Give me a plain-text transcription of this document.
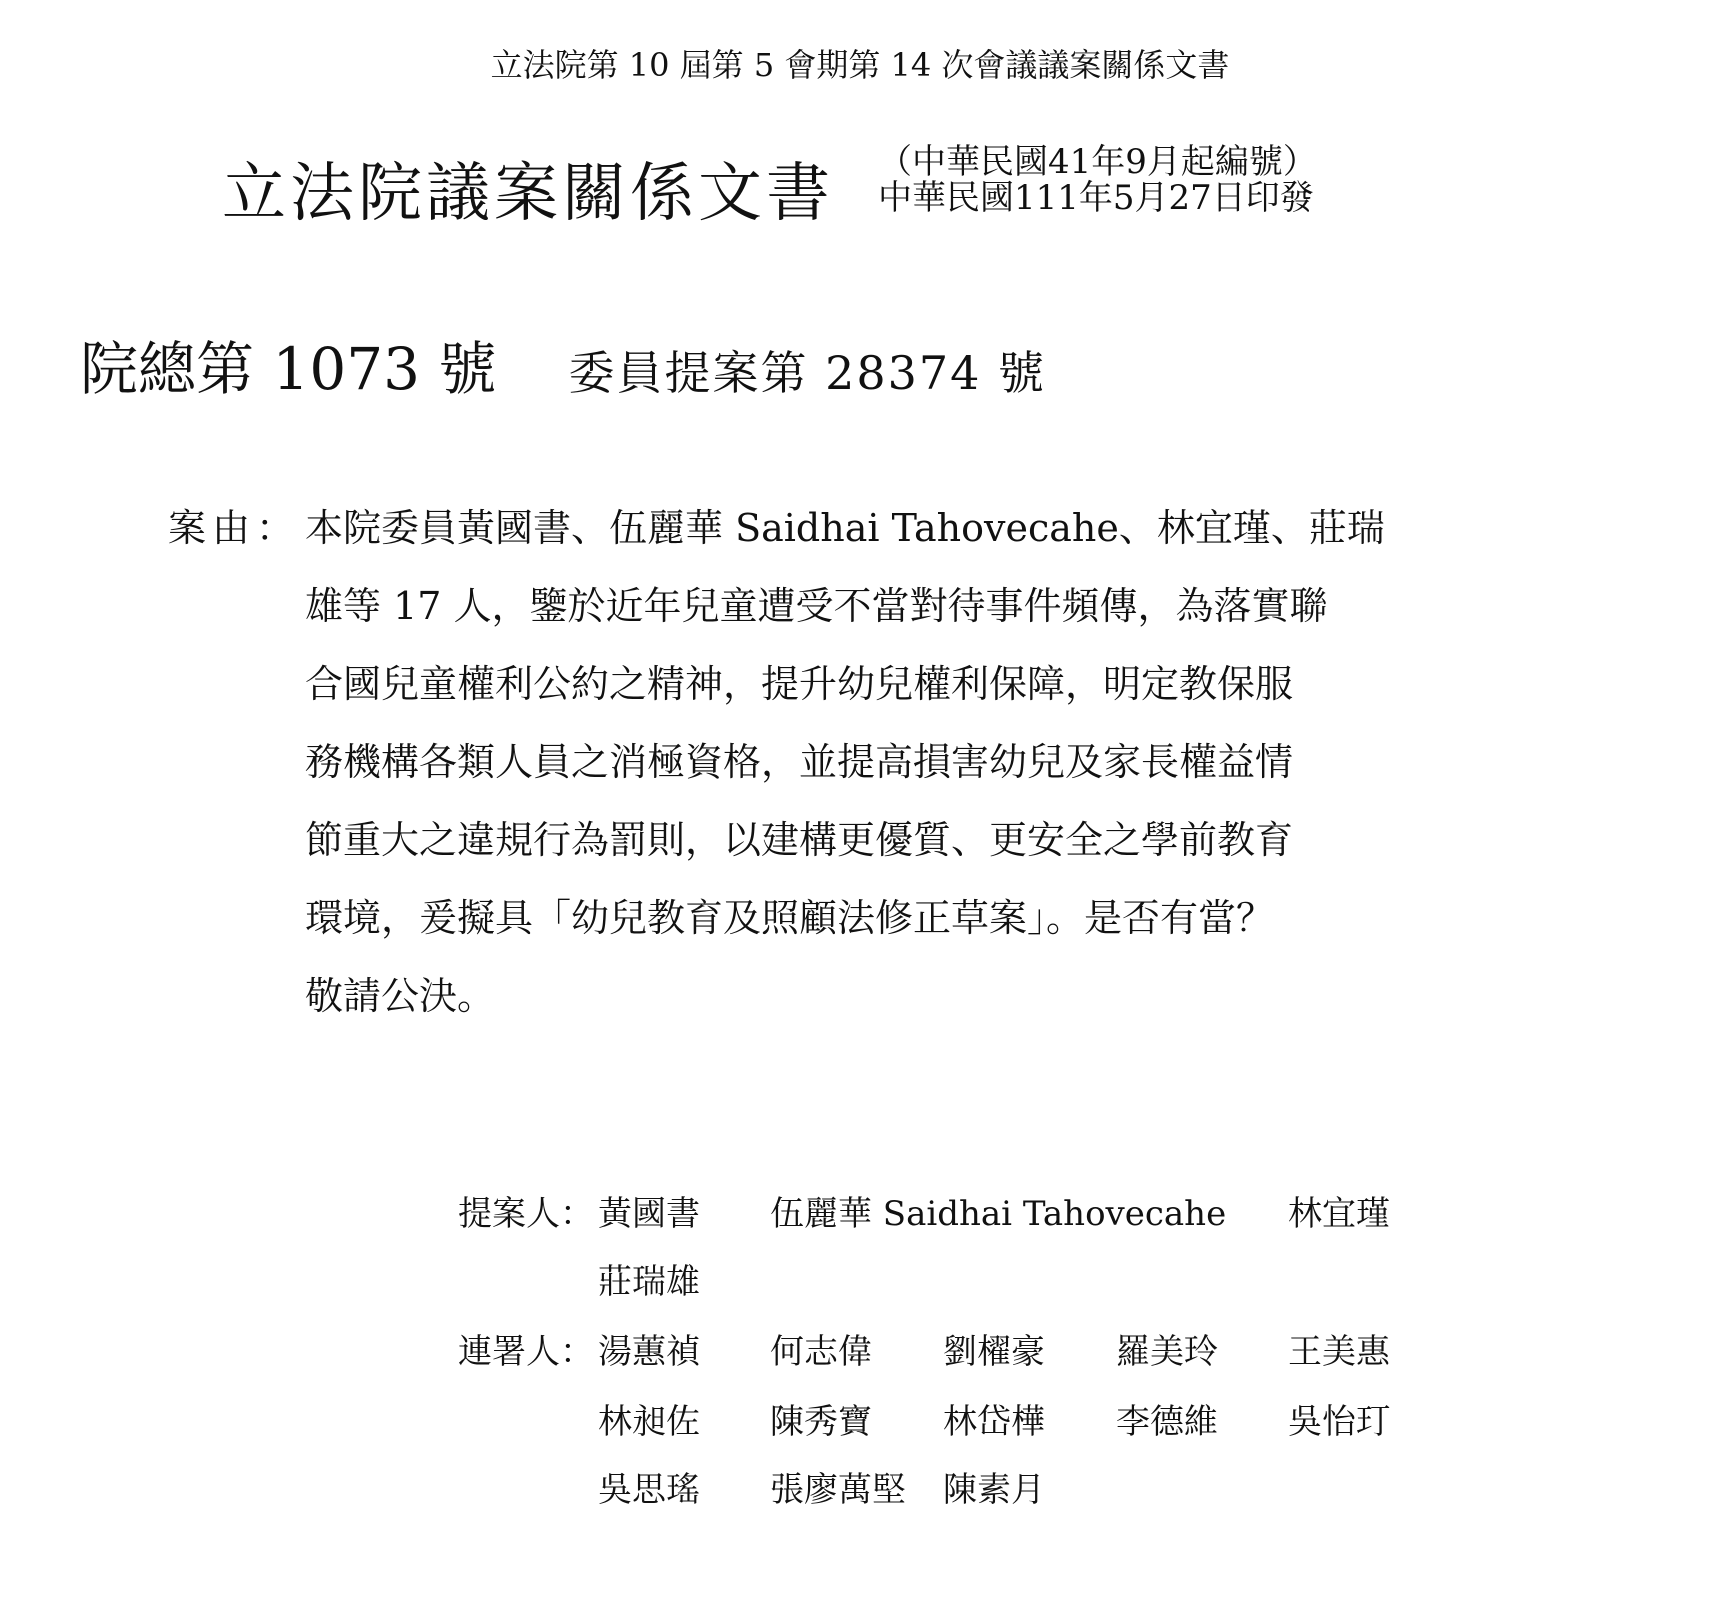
立法院第 10 屆第 5 會期第 14 次會議議案關係文書
立法院議案關係文書 （中華民國41年9月起編號）
中華民國111年5月27日印發
院總第 1073 號 委員提案第 28374 號
案由： 本院委員黃國書、伍麗華 Saidhai Tahovecahe、林宜瑾、莊瑞
雄等 17 人，鑒於近年兒童遭受不當對待事件頻傳，為落實聯
合國兒童權利公約之精神，提升幼兒權利保障，明定教保服
務機構各類人員之消極資格，並提高損害幼兒及家長權益情
節重大之違規行為罰則，以建構更優質、更安全之學前教育
環境，爰擬具「幼兒教育及照顧法修正草案」。是否有當？
敬請公決。
提案人： 黃國書 伍麗華 Saidhai Tahovecahe 林宜瑾
莊瑞雄
連署人： 湯蕙禎 何志偉 劉櫂豪 羅美玲 王美惠
林昶佐 陳秀寶 林岱樺 李德維 吳怡玎
吳思瑤 張廖萬堅 陳素月
